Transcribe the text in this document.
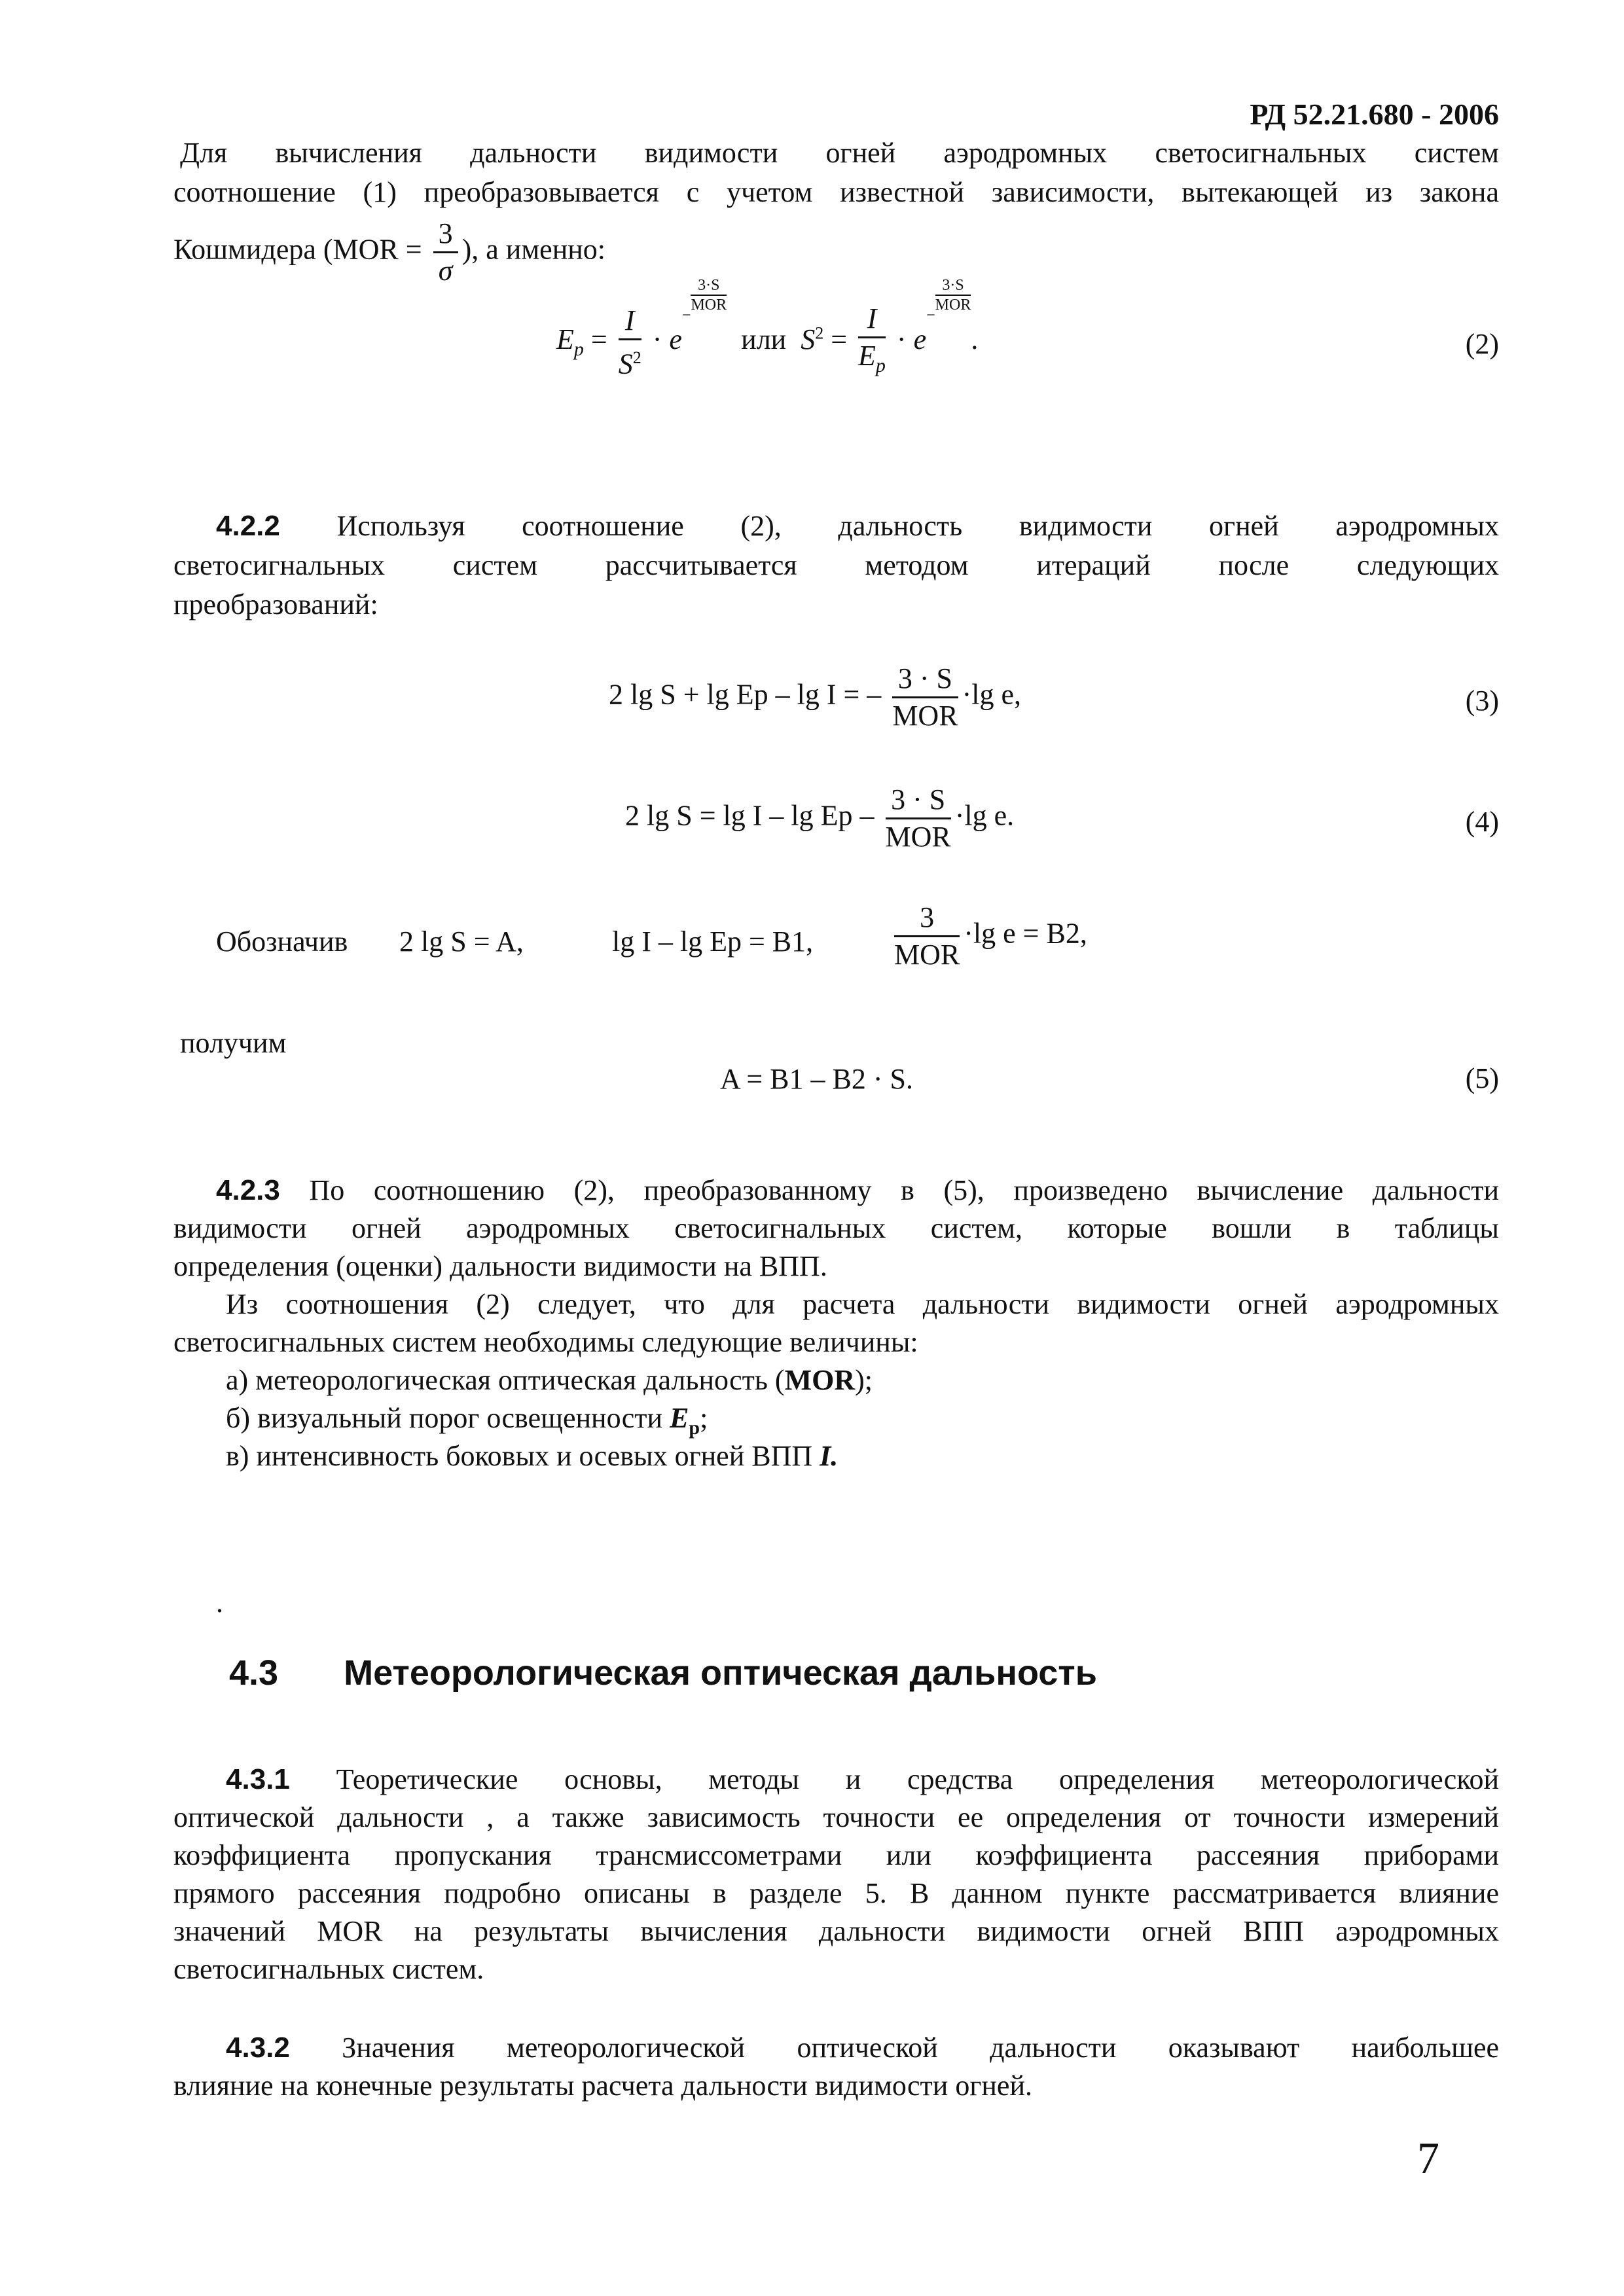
РД 52.21.680 - 2006
Для вычисления дальности видимости огней аэродромных светосигнальных систем
соотношение (1) преобразовывается с учетом известной зависимости, вытекающей из закона
Кошмидера ($MOR = \frac{3}{\sigma}$ ), а именно:
$E_p = \frac{I}{S^2} \cdot e^-$
$\frac{3\cdot S}{\text{MOR}}$
или $S^2 = \frac{I}{E_p} \cdot e^-$
$\frac{3\cdot S}{\text{MOR}}$
.	(2)
4.2.2 Используя соотношение (2), дальность видимости огней аэродромных
светосигнальных систем рассчитывается методом итераций после следующих
преобразований:
2 lg S + lg Eр – lg I = – $\frac{3 \cdot S}{\text{MOR}} \cdot\lg$ e,	(3)
2 lg S = lg I – lg Eр – $\frac{3 \cdot S}{\text{MOR}} \cdot\lg$ e.	(4)
Обозначив 2 lg S = A,	lg I – lg Eр = B1,	$\frac{3}{\text{MOR}} \cdot\lg$ e = B2,
получим
A = B1 – B2 · S.	(5)
4.2.3 По соотношению (2), преобразованному в (5), произведено вычисление дальности
видимости огней аэродромных светосигнальных систем, которые вошли в таблицы
определения (оценки) дальности видимости на ВПП.
Из соотношения (2) следует, что для расчета дальности видимости огней аэродромных
светосигнальных систем необходимы следующие величины:
а) метеорологическая оптическая дальность (MOR);
б) визуальный порог освещенности $E_р$;
в) интенсивность боковых и осевых огней ВПП I.
.
4.3 Метеорологическая оптическая дальность
4.3.1 Теоретические основы, методы и средства определения метеорологической
оптической дальности , а также зависимость точности ее определения от точности измерений
коэффициента пропускания трансмиссометрами или коэффициента рассеяния приборами
прямого рассеяния подробно описаны в разделе 5. В данном пункте рассматривается влияние
значений MOR на результаты вычисления дальности видимости огней ВПП аэродромных
светосигнальных систем.
4.3.2 Значения метеорологической оптической дальности оказывают наибольшее
влияние на конечные результаты расчета дальности видимости огней.
7
